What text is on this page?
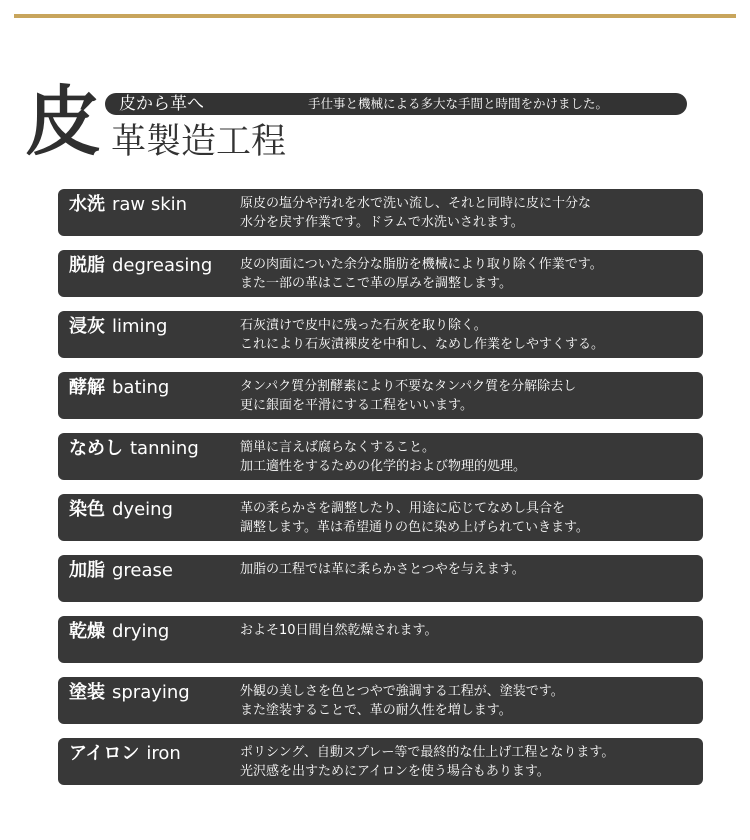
皮 皮から革へ	手仕事と機械による多大な手間と時間をかけました。
革製造工程
水洗 raw skin	原皮の塩分や汚れを水で洗い流し、それと同時に皮に十分な
水分を戻す作業です。ドラムで水洗いされます。
脱脂 degreasing 皮の肉面についた余分な脂肪を機械により取り除く作業です。
また一部の革はここで革の厚みを調整します。
浸灰 liming	石灰漬けで皮中に残った石灰を取り除く。
これにより石灰漬裸皮を中和し、なめし作業をしやすくする。
酵解 bating	タンパク質分割酵素により不要なタンパク質を分解除去し
更に銀面を平滑にする工程をいいます。
なめし tanning	簡単に言えば腐らなくすること。
加工適性をするための化学的および物理的処理。
染色 dyeing	革の柔らかさを調整したり、用途に応じてなめし具合を
調整します。革は希望通りの色に染め上げられていきます。
加脂 grease	加脂の工程では革に柔らかさとつやを与えます。
乾燥 drying	およそ10日間自然乾燥されます。
塗装 spraying	外観の美しさを色とつやで強調する工程が、塗装です。
また塗装することで、革の耐久性を増します。
アイロン iron	ポリシング、自動スプレー等で最終的な仕上げ工程となります。
光沢感を出すためにアイロンを使う場合もあります。
